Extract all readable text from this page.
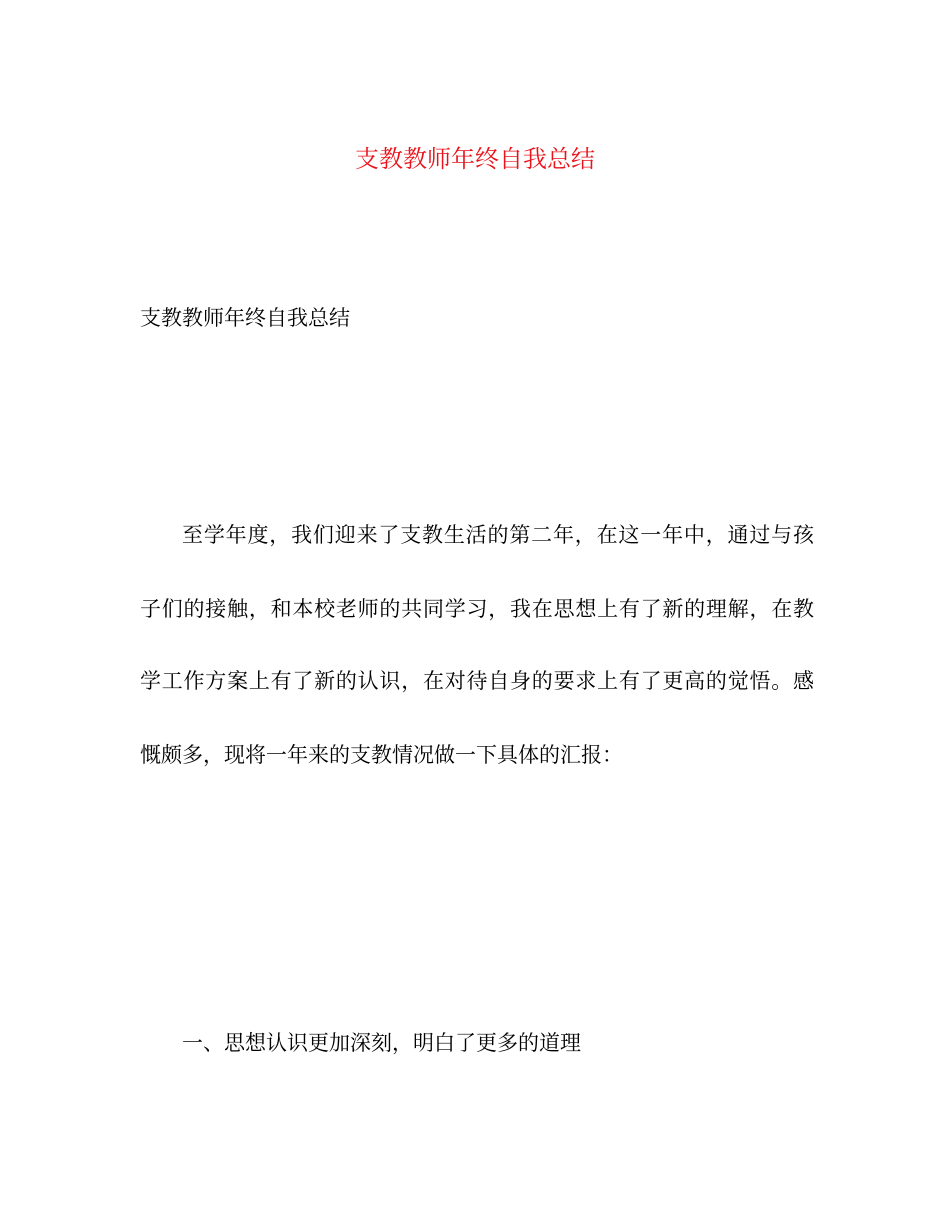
支教教师年终自我总结
支教教师年终自我总结
至学年度，我们迎来了支教生活的第二年，在这一年中，通过与孩
子们的接触，和本校老师的共同学习，我在思想上有了新的理解，在教
学工作方案上有了新的认识，在对待自身的要求上有了更高的觉悟。感
慨颇多，现将一年来的支教情况做一下具体的汇报：
一、思想认识更加深刻，明白了更多的道理
